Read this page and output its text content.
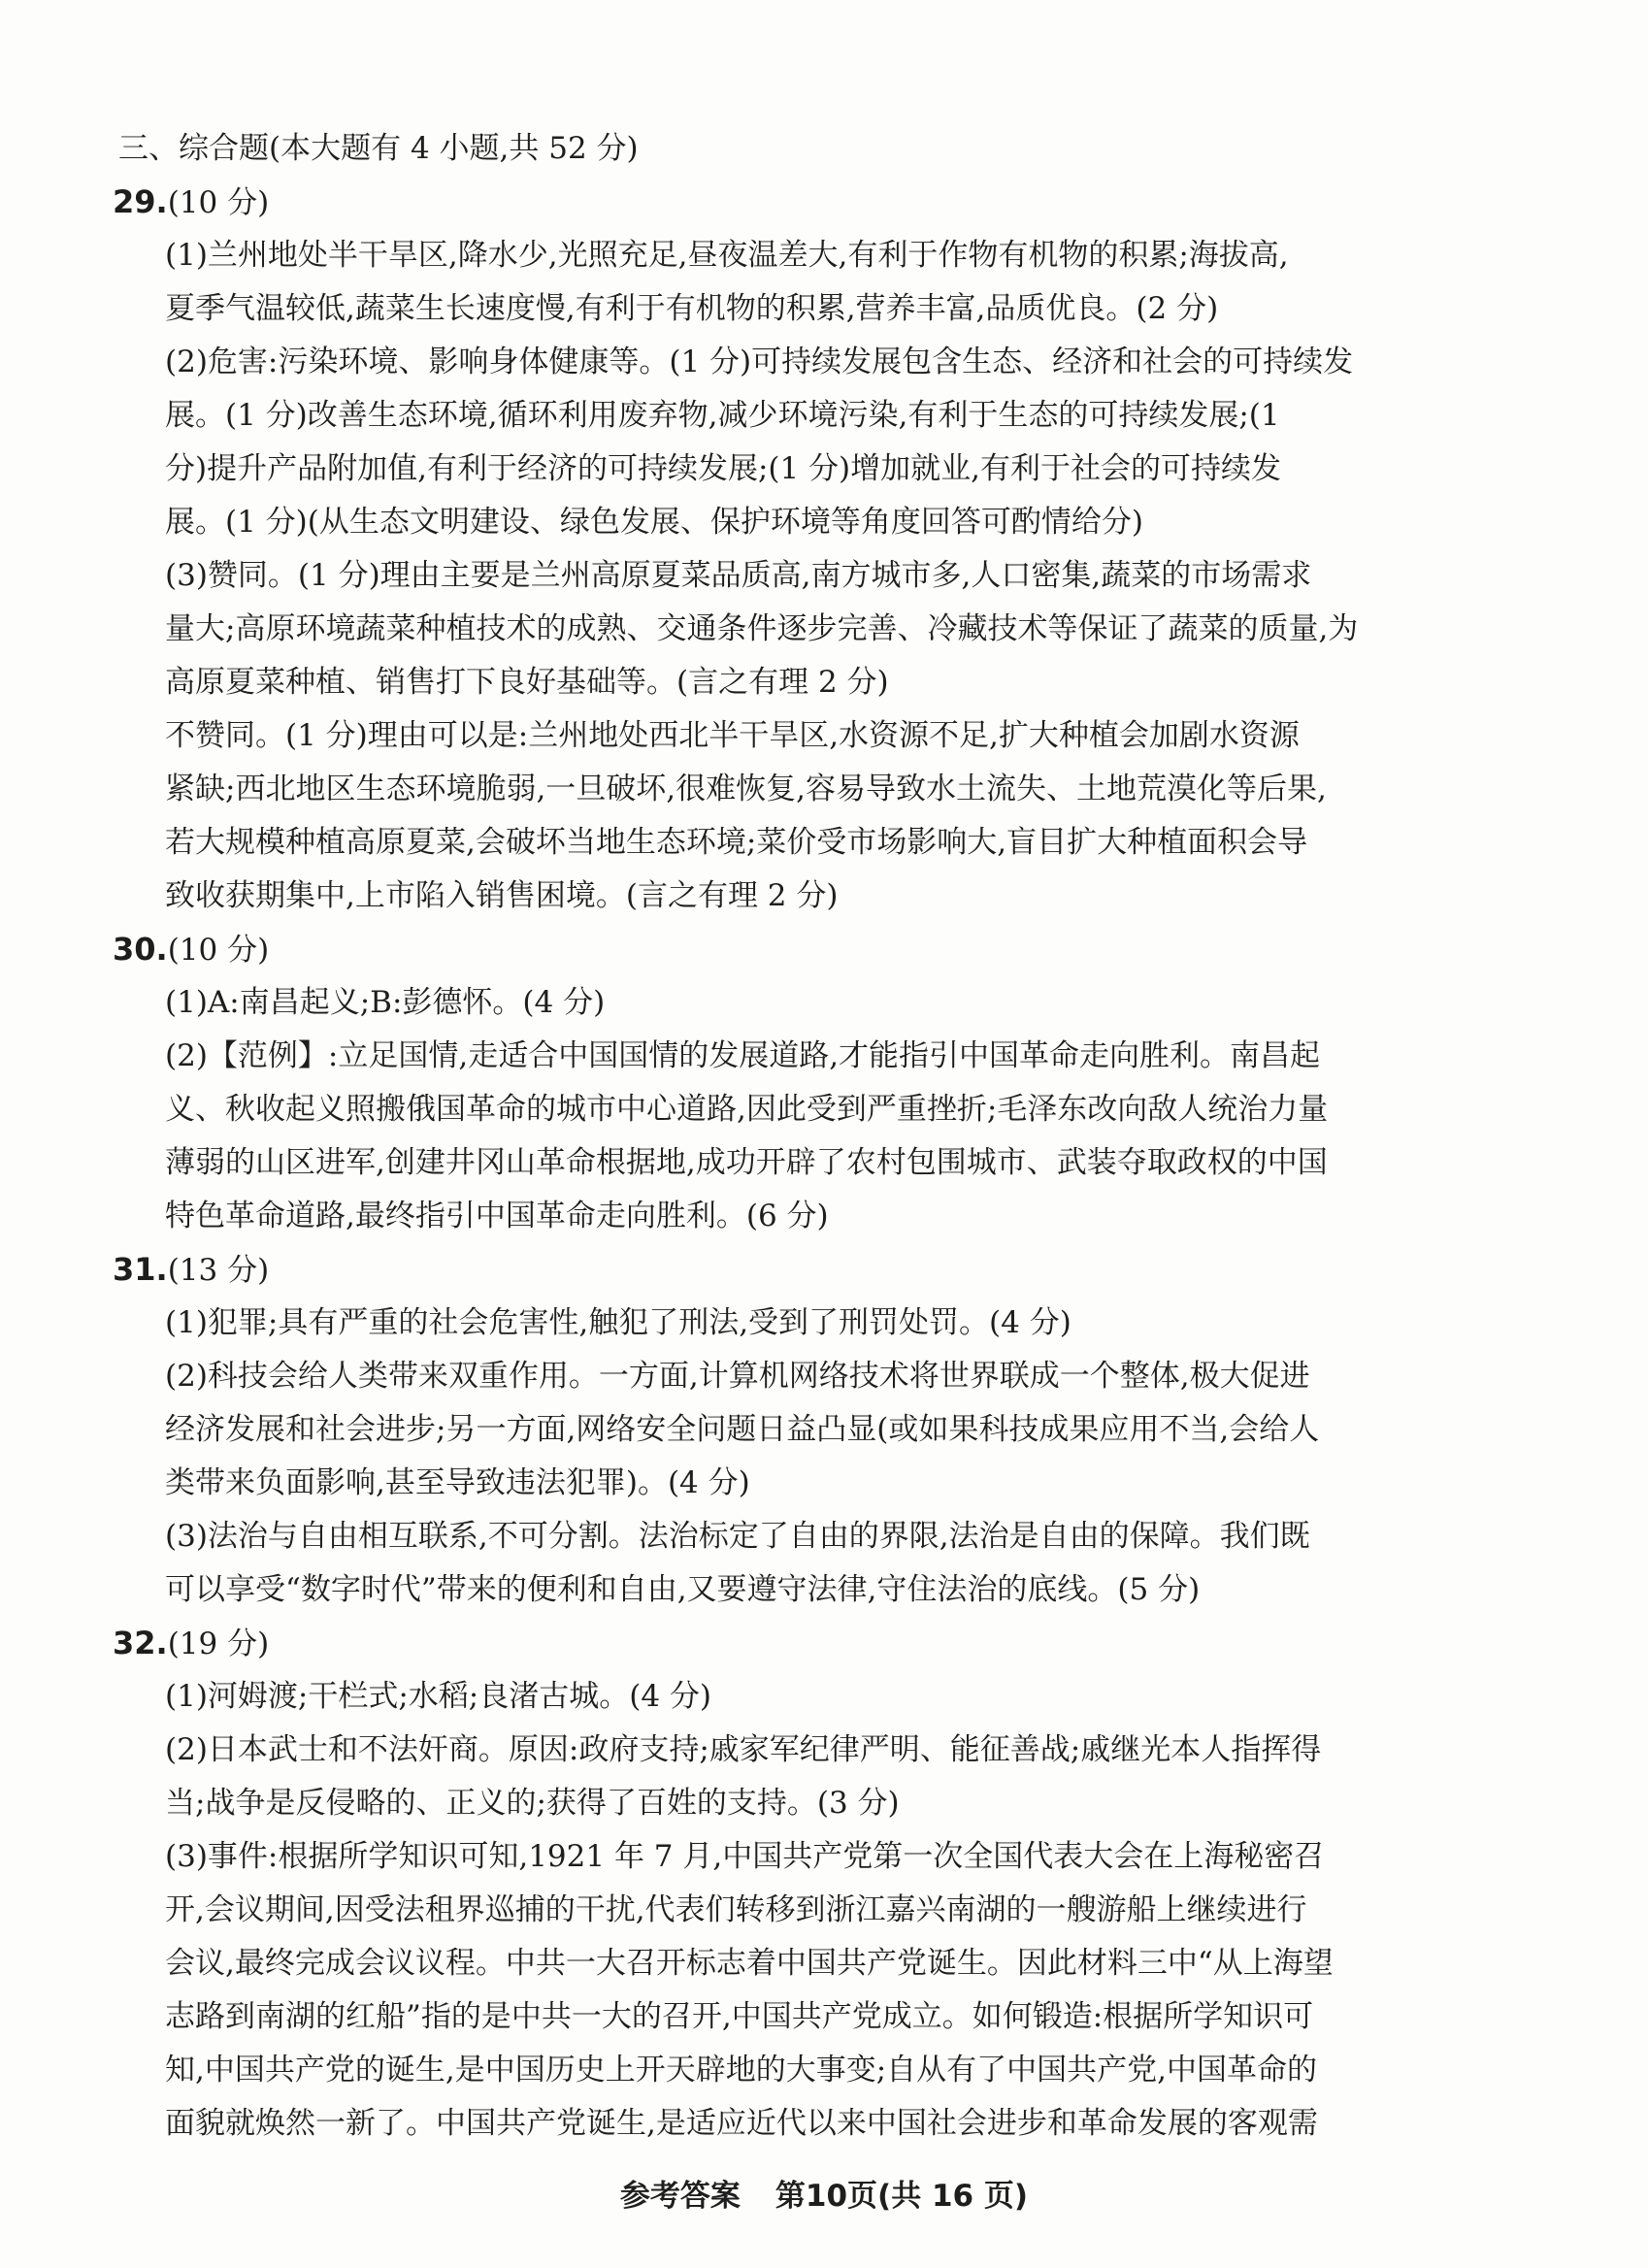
三、综合题(本大题有 4 小题,共 52 分)
29.(10 分)
(1)兰州地处半干旱区,降水少,光照充足,昼夜温差大,有利于作物有机物的积累;海拔高,
夏季气温较低,蔬菜生长速度慢,有利于有机物的积累,营养丰富,品质优良。(2 分)
(2)危害:污染环境、影响身体健康等。(1 分)可持续发展包含生态、经济和社会的可持续发
展。(1 分)改善生态环境,循环利用废弃物,减少环境污染,有利于生态的可持续发展;(1
分)提升产品附加值,有利于经济的可持续发展;(1 分)增加就业,有利于社会的可持续发
展。(1 分)(从生态文明建设、绿色发展、保护环境等角度回答可酌情给分)
(3)赞同。(1 分)理由主要是兰州高原夏菜品质高,南方城市多,人口密集,蔬菜的市场需求
量大;高原环境蔬菜种植技术的成熟、交通条件逐步完善、冷藏技术等保证了蔬菜的质量,为
高原夏菜种植、销售打下良好基础等。(言之有理 2 分)
不赞同。(1 分)理由可以是:兰州地处西北半干旱区,水资源不足,扩大种植会加剧水资源
紧缺;西北地区生态环境脆弱,一旦破坏,很难恢复,容易导致水土流失、土地荒漠化等后果,
若大规模种植高原夏菜,会破坏当地生态环境;菜价受市场影响大,盲目扩大种植面积会导
致收获期集中,上市陷入销售困境。(言之有理 2 分)
30.(10 分)
(1)A:南昌起义;B:彭德怀。(4 分)
(2)【范例】:立足国情,走适合中国国情的发展道路,才能指引中国革命走向胜利。南昌起
义、秋收起义照搬俄国革命的城市中心道路,因此受到严重挫折;毛泽东改向敌人统治力量
薄弱的山区进军,创建井冈山革命根据地,成功开辟了农村包围城市、武装夺取政权的中国
特色革命道路,最终指引中国革命走向胜利。(6 分)
31.(13 分)
(1)犯罪;具有严重的社会危害性,触犯了刑法,受到了刑罚处罚。(4 分)
(2)科技会给人类带来双重作用。一方面,计算机网络技术将世界联成一个整体,极大促进
经济发展和社会进步;另一方面,网络安全问题日益凸显(或如果科技成果应用不当,会给人
类带来负面影响,甚至导致违法犯罪)。(4 分)
(3)法治与自由相互联系,不可分割。法治标定了自由的界限,法治是自由的保障。我们既
可以享受“数字时代”带来的便利和自由,又要遵守法律,守住法治的底线。(5 分)
32.(19 分)
(1)河姆渡;干栏式;水稻;良渚古城。(4 分)
(2)日本武士和不法奸商。原因:政府支持;戚家军纪律严明、能征善战;戚继光本人指挥得
当;战争是反侵略的、正义的;获得了百姓的支持。(3 分)
(3)事件:根据所学知识可知,1921 年 7 月,中国共产党第一次全国代表大会在上海秘密召
开,会议期间,因受法租界巡捕的干扰,代表们转移到浙江嘉兴南湖的一艘游船上继续进行
会议,最终完成会议议程。中共一大召开标志着中国共产党诞生。因此材料三中“从上海望
志路到南湖的红船”指的是中共一大的召开,中国共产党成立。如何锻造:根据所学知识可
知,中国共产党的诞生,是中国历史上开天辟地的大事变;自从有了中国共产党,中国革命的
面貌就焕然一新了。中国共产党诞生,是适应近代以来中国社会进步和革命发展的客观需
参考答案 第10页(共 16 页)
